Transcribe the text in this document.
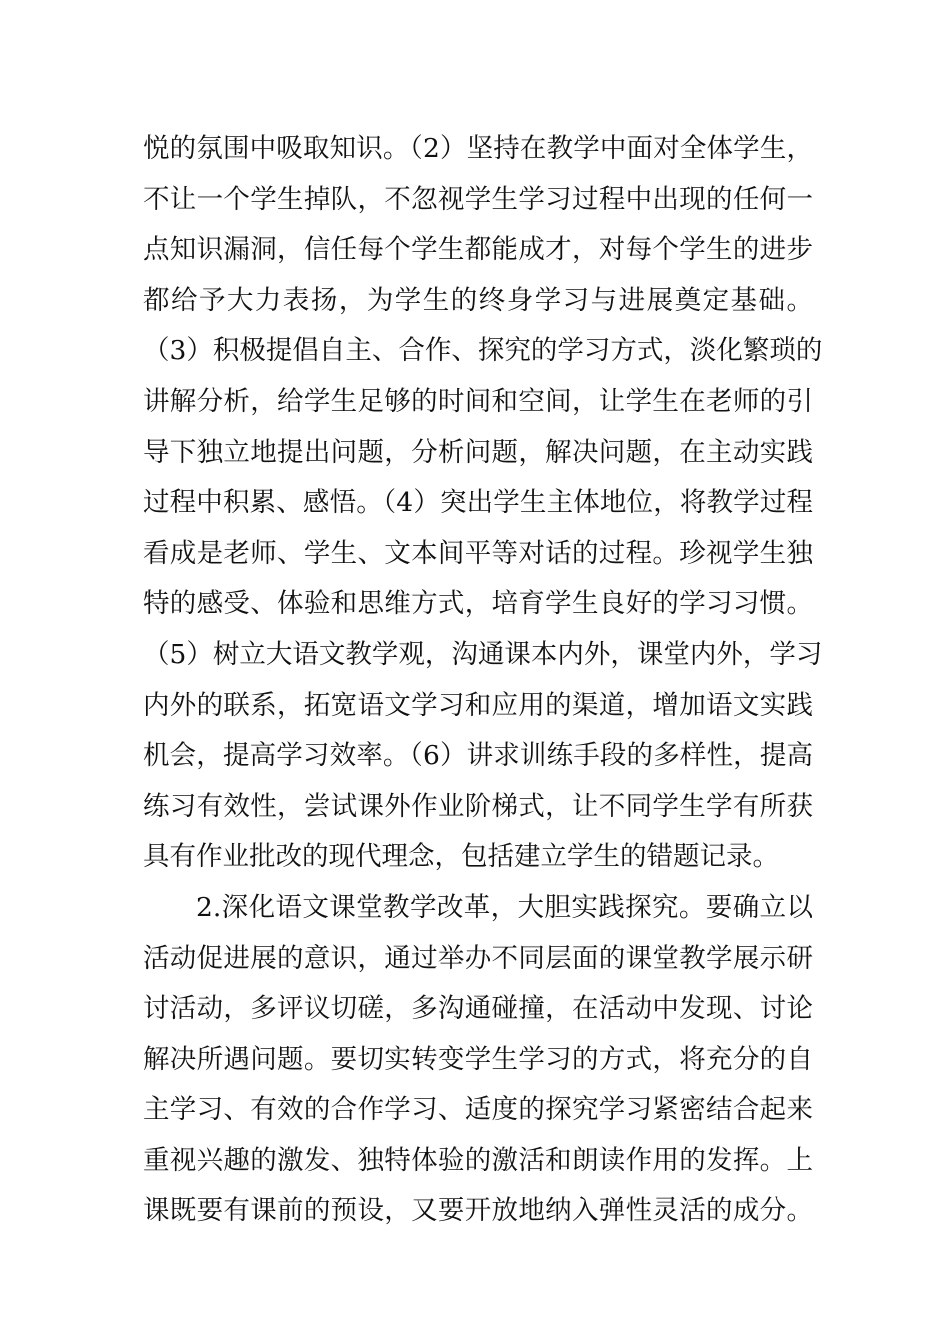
悦的氛围中吸取知识。（2）坚持在教学中面对全体学生，
不让一个学生掉队，不忽视学生学习过程中出现的任何一
点知识漏洞，信任每个学生都能成才，对每个学生的进步
都给予大力表扬，为学生的终身学习与进展奠定基础。
（3）积极提倡自主、合作、探究的学习方式，淡化繁琐的
讲解分析，给学生足够的时间和空间，让学生在老师的引
导下独立地提出问题，分析问题，解决问题，在主动实践
过程中积累、感悟。（4）突出学生主体地位，将教学过程
看成是老师、学生、文本间平等对话的过程。珍视学生独
特的感受、体验和思维方式，培育学生良好的学习习惯。
（5）树立大语文教学观，沟通课本内外，课堂内外，学习
内外的联系，拓宽语文学习和应用的渠道，增加语文实践
机会，提高学习效率。（6）讲求训练手段的多样性，提高
练习有效性，尝试课外作业阶梯式，让不同学生学有所获
具有作业批改的现代理念，包括建立学生的错题记录。
2.深化语文课堂教学改革，大胆实践探究。要确立以
活动促进展的意识，通过举办不同层面的课堂教学展示研
讨活动，多评议切磋，多沟通碰撞，在活动中发现、讨论
解决所遇问题。要切实转变学生学习的方式，将充分的自
主学习、有效的合作学习、适度的探究学习紧密结合起来
重视兴趣的激发、独特体验的激活和朗读作用的发挥。上
课既要有课前的预设，又要开放地纳入弹性灵活的成分。
